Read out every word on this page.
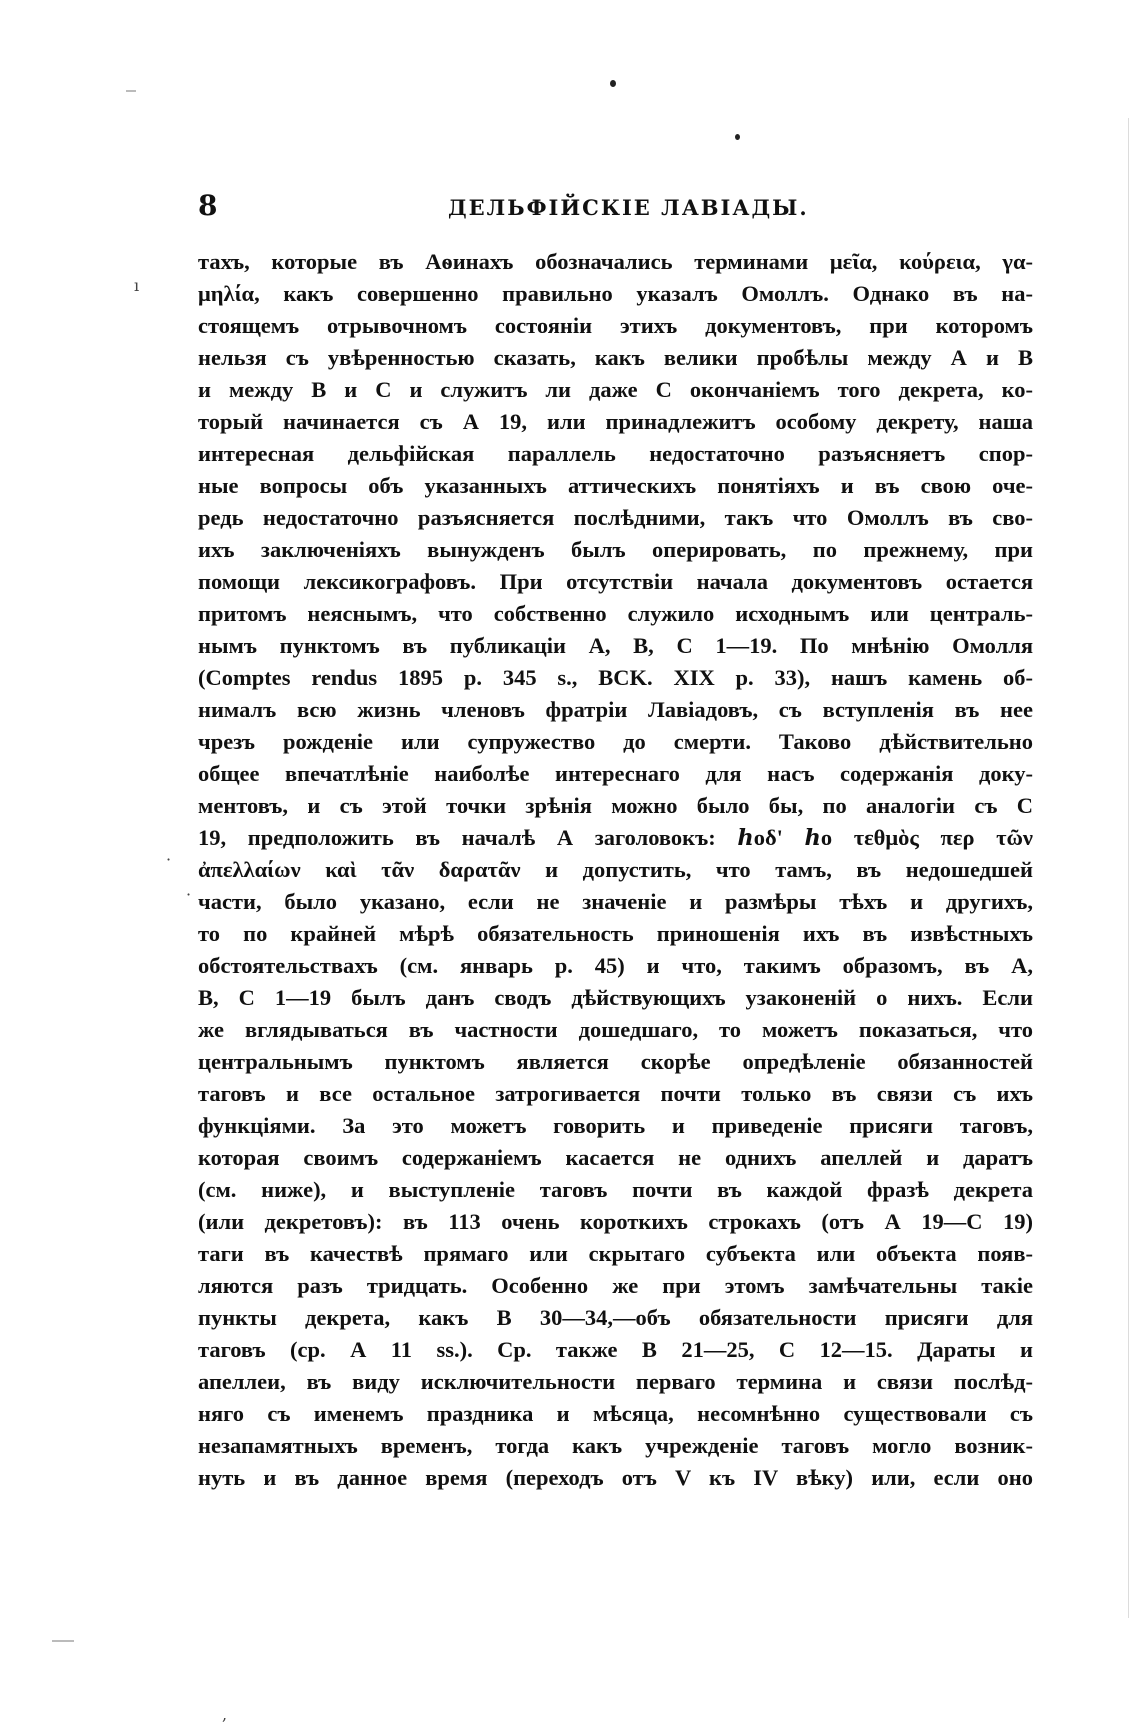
ı
·
·
,
8	ДЕЛЬФІЙСКІЕ ЛАВІАДЫ.
тахъ, которые въ Аѳинахъ обозначались терминами μεῖα, κούρεια, γα-
μηλία, какъ совершенно правильно указалъ Омоллъ. Однако въ на-
стоящемъ отрывочномъ состояніи этихъ документовъ, при которомъ
нельзя съ увѣренностью сказать, какъ велики пробѣлы между А и В
и между В и С и служитъ ли даже С окончаніемъ того декрета, ко-
торый начинается съ А 19, или принадлежитъ особому декрету, наша
интересная дельфійская параллель недостаточно разъясняетъ спор-
ные вопросы объ указанныхъ аттическихъ понятіяхъ и въ свою оче-
редь недостаточно разъясняется послѣдними, такъ что Омоллъ въ сво-
ихъ заключеніяхъ вынужденъ былъ оперировать, по прежнему, при
помощи лексикографовъ. При отсутствіи начала документовъ остается
притомъ неяснымъ, что собственно служило исходнымъ или централь-
нымъ пунктомъ въ публикаціи А, В, С 1—19. По мнѣнію Омолля
(Comptes rendus 1895 p. 345 s., BCK. XIX p. 33), нашъ камень об-
нималъ всю жизнь членовъ фратріи Лавіадовъ, съ вступленія въ нее
чрезъ рожденіе или супружество до смерти. Таково дѣйствительно
общее впечатлѣніе наиболѣе интереснаго для насъ содержанія доку-
ментовъ, и съ этой точки зрѣнія можно было бы, по аналогіи съ С
19, предположить въ началѣ А заголовокъ: ℎοδ' ℎο τεθμὸς περ τῶν
ἀπελλαίων καὶ τᾶν δαρατᾶν и допустить, что тамъ, въ недошедшей
части, было указано, если не значеніе и размѣры тѣхъ и другихъ,
то по крайней мѣрѣ обязательность приношенія ихъ въ извѣстныхъ
обстоятельствахъ (см. январь р. 45) и что, такимъ образомъ, въ А,
В, С 1—19 былъ данъ сводъ дѣйствующихъ узаконеній о нихъ. Если
же вглядываться въ частности дошедшаго, то можетъ показаться, что
центральнымъ пунктомъ является скорѣе опредѣленіе обязанностей
таговъ и все остальное затрогивается почти только въ связи съ ихъ
функціями. За это можетъ говорить и приведеніе присяги таговъ,
которая своимъ содержаніемъ касается не однихъ апеллей и даратъ
(см. ниже), и выступленіе таговъ почти въ каждой фразѣ декрета
(или декретовъ): въ 113 очень короткихъ строкахъ (отъ А 19—С 19)
таги въ качествѣ прямаго или скрытаго субъекта или объекта появ-
ляются разъ тридцать. Особенно же при этомъ замѣчательны такіе
пункты декрета, какъ В 30—34,—объ обязательности присяги для
таговъ (ср. А 11 ss.). Ср. также В 21—25, С 12—15. Дараты и
апеллеи, въ виду исключительности перваго термина и связи послѣд-
няго съ именемъ праздника и мѣсяца, несомнѣнно существовали съ
незапамятныхъ временъ, тогда какъ учрежденіе таговъ могло возник-
нуть и въ данное время (переходъ отъ V къ IV вѣку) или, если оно
